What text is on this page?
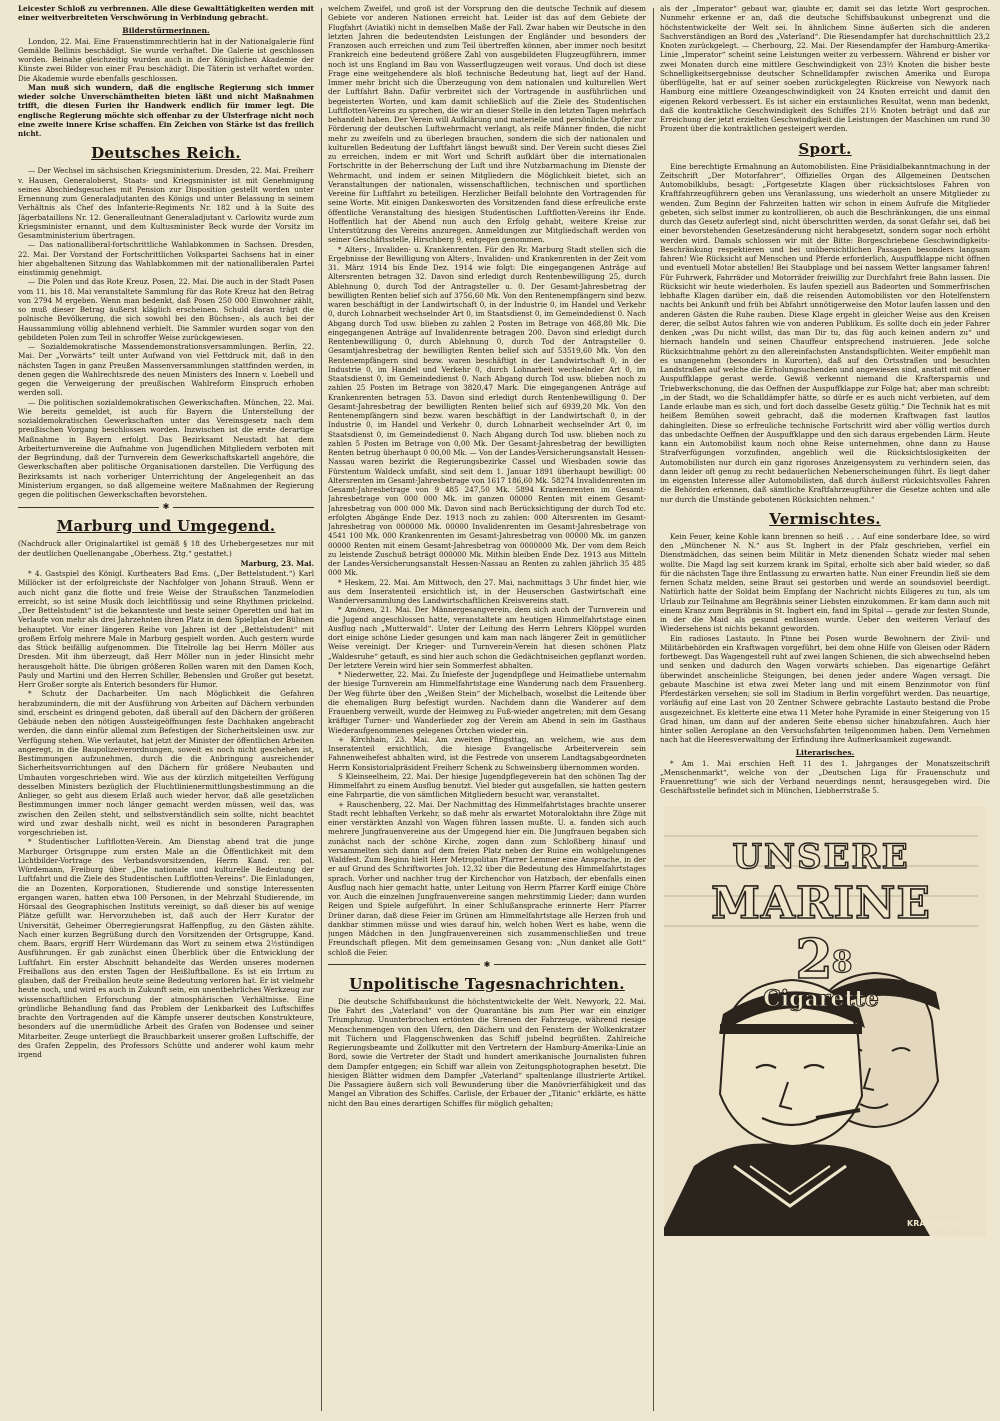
Leicester Schloß zu verbrennen. Alle diese Gewalttätigkeiten werden mit einer weitverbreiteten Verschwörung in Verbindung gebracht.

Bilderstürmerinnen.

London, 22. Mai. Eine Frauenstimmrechtlerin hat in der Nationalgalerie fünf Gemälde Bellinis beschädigt. Sie wurde verhaftet. Die Galerie ist geschlossen worden. Beinahe gleichzeitig wurden auch in der Königlichen Akademie der Künste zwei Bilder von einer Frau beschädigt. Die Täterin ist verhaftet worden. Die Akademie wurde ebenfalls geschlossen.

Man muß sich wundern, daß die englische Regierung sich immer wieder solche Unverschämtheiten bieten läßt und nicht Maßnahmen trifft, die diesen Furien ihr Handwerk endlich für immer legt. Die englische Regierung möchte sich offenbar zu der Ulsterfrage nicht noch eine zweite innere Krise schaffen. Ein Zeichen von Stärke ist das freilich nicht.

Deutsches Reich.

— Der Wechsel im sächsischen Kriegsministerium. Dresden, 22. Mai. Freiherr v. Hausen, Generaloberst, Staats- und Kriegsminister ist mit Genehmigung seines Abschiedsgesuches mit Pension zur Disposition gestellt worden unter Ernennung zum Generaladjutanten des Königs und unter Belassung in seinem Verhältnis als Chef des Infanterie-Regiments Nr. 182 und à la Suite des Jägerbataillons Nr. 12. Generalleutnant Generaladjutant v. Carlowitz wurde zum Kriegsminister ernannt, und dem Kultusminister Beck wurde der Vorsitz im Gesamtministerium übertragen.

— Das nationalliberal-fortschrittliche Wahlabkommen in Sachsen. Dresden, 22. Mai. Der Vorstand der Fortschrittlichen Volkspartei Sachsens hat in einer hier abgehaltenen Sitzung das Wahlabkommen mit der nationalliberalen Partei einstimmig genehmigt.

— Die Polen und das Rote Kreuz. Posen, 22. Mai. Die auch in der Stadt Posen vom 11. bis 18. Mai veranstaltete Sammlung für das Rote Kreuz hat den Betrag von 2794 M ergeben. Wenn man bedenkt, daß Posen 250 000 Einwohner zählt, so muß dieser Betrag äußerst kläglich erscheinen. Schuld daran trägt die polnische Bevölkerung, die sich sowohl bei den Büchsen-, als auch bei der Haussammlung völlig ablehnend verhielt. Die Sammler wurden sogar von den gebildeten Polen zum Teil in schroffer Weise zurückgewiesen.

— Sozialdemokratische Massendemonstrationsversammlungen. Berlin, 22. Mai. Der „Vorwärts“ teilt unter Aufwand von viel Fettdruck mit, daß in den nächsten Tagen in ganz Preußen Massenversammlungen stattfinden werden, in denen gegen die Wahlrechtsrede des neuen Ministers des Innern v. Loebell und gegen die Verweigerung der preußischen Wahlreform Einspruch erhoben werden soll.

— Die politischen sozialdemokratischen Gewerkschaften. München, 22. Mai. Wie bereits gemeldet, ist auch für Bayern die Unterstellung der sozialdemokratischen Gewerkschaften unter das Vereinsgesetz nach dem preußischen Vorgang beschlossen worden. Inzwischen ist die erste derartige Maßnahme in Bayern erfolgt. Das Bezirksamt Neustadt hat dem Arbeiterturnvereine die Aufnahme von Jugendlichen Mitgliedern verboten mit der Begründung, daß der Turnverein dem Gewerkschaftskartell angehöre, die Gewerkschaften aber politische Organisationen darstellen. Die Verfügung des Bezirksamts ist nach vorheriger Unterrichtung der Angelegenheit an das Ministerium ergangen, so daß allgemeine weitere Maßnahmen der Regierung gegen die politischen Gewerkschaften bevorstehen.

✱
Marburg und Umgegend.
(Nachdruck aller Originalartikel ist gemäß § 18 des Urhebergesetzes nur mit der deutlichen Quellenangabe „Oberhess. Ztg.“ gestattet.)
Marburg, 23. Mai.

* 4. Gastspiel des Königl. Kurtheaters Bad Ems. („Der Bettelstudent.“) Karl Millöcker ist der erfolgreichste der Nachfolger von Johann Strauß. Wenn er auch nicht ganz die flotte und freie Weise der Straußschen Tanzmelodien erreicht, so ist seine Musik doch leichtflüssig und seine Rhythmen prickelnd. „Der Bettelstudent“ ist die bekannteste und beste seiner Operetten und hat im Verlaufe von mehr als drei Jahrzehnten ihren Platz in dem Spielplan der Bühnen behauptet. Vor einer längeren Reihe von Jahren ist der „Bettelstudent“ mit großem Erfolg mehrere Male in Marburg gespielt worden. Auch gestern wurde das Stück beifällig aufgenommen. Die Titelrolle lag bei Herrn Möller aus Dresden. Mit ihm überzeugt, daß Herr Möller nun in jeder Hinsicht mehr herausgeholt hätte. Die übrigen größeren Rollen waren mit den Damen Koch, Pauly und Martini und den Herren Schiller, Bebenslen und Großer gut besetzt. Herr Großer sorgte als Enterich besonders für Humor.

* Schutz der Dacharbeiter. Um nach Möglichkeit die Gefahren herabzumindern, die mit der Ausführung von Arbeiten auf Dächern verbunden sind, erscheint es dringend geboten, daß überall auf den Dächern der größeren Gebäude neben den nötigen Aussteigeöffnungen feste Dachhaken angebracht werden, die dann einfür allemal zum Befestigen der Sicherheitsleinen usw. zur Verfügung stehen. Wie verlautet, hat jetzt der Minister der öffentlichen Arbeiten angeregt, in die Baupolizeiverordnungen, soweit es noch nicht geschehen ist, Bestimmungen aufzunehmen, durch die die Anbringung ausreichender Sicherheitsvorrichtungen auf den Dächern für größere Neubauten und Umbauten vorgeschrieben wird. Wie aus der kürzlich mitgeteilten Verfügung desselben Ministers bezüglich der Fluchtlinienermittlungsbestimmung an die Anlieger, so geht aus diesem Erlaß auch wieder hervor, daß alle gesetzlichen Bestimmungen immer noch länger gemacht werden müssen, weil das, was zwischen den Zeilen steht, und selbstverständlich sein sollte, nicht beachtet wird und zwar deshalb nicht, weil es nicht in besonderen Paragraphen vorgeschrieben ist.

* Studentischer Luftflotten-Verein. Am Dienstag abend trat die junge Marburger Ortsgruppe zum ersten Male an die Öffentlichkeit mit dem Lichtbilder-Vortrage des Verbandsvorsitzenden, Herrn Kand. rer. pol. Würdemann, Freiburg über „Die nationale und kulturelle Bedeutung der Luftfahrt und die Ziele des Studentischen Luftflotten-Vereins“. Die Einladungen, die an Dozenten, Korporationen, Studierende und sonstige Interessenten ergangen waren, hatten etwa 100 Personen, in der Mehrzahl Studierende, im Hörsaal des Geographischen Instituts vereinigt, so daß dieser bis auf wenige Plätze gefüllt war. Hervorzuheben ist, daß auch der Herr Kurator der Universität, Geheimer Oberregierungsrat Haffenpflug, zu den Gästen zählte. Nach einer kurzen Begrüßung durch den Vorsitzenden der Ortsgruppe, Kand. chem. Baars, ergriff Herr Würdemann das Wort zu seinem etwa 2½stündigen Ausführungen. Er gab zunächst einen Überblick über die Entwicklung der Luftfahrt. Ein erster Abschnitt behandelte das Werden unseres modernen Freiballons aus den ersten Tagen der Heißluftballone. Es ist ein Irrtum zu glauben, daß der Freiballon heute seine Bedeutung verloren hat. Er ist vielmehr heute noch, und wird es auch in Zukunft sein, ein unentbehrliches Werkzeug zur wissenschaftlichen Erforschung der atmosphärischen Verhältnisse. Eine gründliche Behandlung fand das Problem der Lenkbarkeit des Luftschiffes brachte den Vortragenden auf die Kämpfe unserer deutschen Konstrukteure, besonders auf die unermüdliche Arbeit des Grafen von Bodensee und seiner Mitarbeiter. Zeuge unterliegt die Brauchbarkeit unserer großen Luftschiffe, der des Grafen Zeppelin, des Professors Schütte und anderer wohl kaum mehr irgend

welchem Zweifel, und groß ist der Vorsprung den die deutsche Technik auf diesem Gebiete vor anderen Nationen erreicht hat. Leider ist das auf dem Gebiete der Flugfahrt (Aviatik) nicht in demselben Maße der Fall. Zwar haben wir Deutsche in den letzten Jahren die bedeutendsten Leistungen der Engländer und besonders der Franzosen auch erreichen und zum Teil übertreffen können, aber immer noch besitzt Frankreich eine bedeutend größere Zahl von ausgebildeten Flugzeugführern, immer noch ist uns England im Bau von Wasserflugzeugen weit voraus. Und doch ist diese Frage eine weitgehendere als bloß technische Bedeutung hat, liegt auf der Hand. Immer mehr bricht sich die Überzeugung von dem nationalen und kulturellen Wert der Luftfahrt Bahn. Dafür verbreitet sich der Vortragende in ausführlichen und begeisterten Worten, und kam damit schließlich auf die Ziele des Studentischen Luftflotten-Vereins zu sprechen, die wir an dieser Stelle in den letzten Tagen mehrfach behandelt haben. Der Verein will Aufklärung und materielle und persönliche Opfer zur Förderung der deutschen Luftwehrmacht verlangt, als reife Männer finden, die nicht mehr zu zweifeln und zu überlegen brauchen, sondern die sich der nationalen und kulturellen Bedeutung der Luftfahrt längst bewußt sind. Der Verein sucht dieses Ziel zu erreichen, indem er mit Wort und Schrift aufklärt über die internationalen Fortschritte in der Beherrschung der Luft und ihre Nutzbarmachung im Dienste der Wehrmacht, und indem er seinen Mitgliedern die Möglichkeit bietet, sich an Veranstaltungen der nationalen, wissenschaftlichen, technischen und sportlichen Vereine für Luftfahrt zu beteiligen. Herzlicher Beifall belohnte den Vortragenden für seine Worte. Mit einigen Dankesworten des Vorsitzenden fand diese erfreuliche erste öffentliche Veranstaltung des hiesigen Studentischen Luftflotten-Vereins ihr Ende. Hoffentlich hat der Abend nun auch den Erfolg gehabt, weitere Kreise zur Unterstützung des Vereins anzuregen. Anmeldungen zur Mitgliedschaft werden von seiner Geschäftsstelle, Hirschberg 9, entgegen genommen.

* Alters-, Invaliden- u. Krankenrenten. Für den Rr. Marburg Stadt stellen sich die Ergebnisse der Bewilligung von Alters-, Invaliden- und Krankenrenten in der Zeit vom 31. März 1914 bis Ende Dez. 1914 wie folgt: Die eingegangenen Anträge auf Altersrenten betragen 32. Davon sind erledigt durch Rentenbewilligung 25, durch Ablehnung 0, durch Tod der Antragsteller u. 0. Der Gesamt-Jahresbetrag der bewilligten Renten belief sich auf 3756,60 Mk. Von den Rentenempfängern sind bezw. waren beschäftigt in der Landwirtschaft 0, in der Industrie 0, im Handel und Verkehr 0, durch Lohnarbeit wechselnder Art 0, im Staatsdienst 0, im Gemeindedienst 0. Nach Abgang durch Tod usw. blieben zu zahlen 2 Posten im Betrage von 468,80 Mk. Die eingegangenen Anträge auf Invalidenrente betragen 200. Davon sind erledigt durch Rentenbewilligung 0, durch Ablehnung 0, durch Tod der Antragsteller 0. Gesamtjahresbetrag der bewilligten Renten belief sich auf 53519,60 Mk. Von den Rentenempfängern sind bezw. waren beschäftigt in der Landwirtschaft 0, in der Industrie 0, im Handel und Verkehr 0, durch Lohnarbeit wechselnder Art 0, im Staatsdienst 0, im Gemeindedienst 0. Nach Abgang durch Tod usw. blieben noch zu zahlen 25 Posten im Betrage von 3820,47 Mark. Die eingegangenen Anträge auf Krankenrenten betragen 53. Davon sind erledigt durch Rentenbewilligung 0. Der Gesamt-Jahresbetrag der bewilligten Renten belief sich auf 6939,20 Mk. Von den Rentenempfängern sind bezw. waren beschäftigt in der Landwirtschaft 0, in der Industrie 0, im Handel und Verkehr 0, durch Lohnarbeit wechselnder Art 0, im Staatsdienst 0, im Gemeindedienst 0. Nach Abgang durch Tod usw. blieben noch zu zahlen 5 Posten im Betrage von 0,00 Mk. Der Gesamt-Jahresbetrag der bewilligten Renten betrug überhaupt 0 00,00 Mk. — Von der Landes-Versicherungsanstalt Hessen-Nassau waren bezirkt die Regierungsbezirke Cassel und Wiesbaden sowie das Fürstentum Waldeck umfaßt, sind seit dem 1. Januar 1891 überhaupt bewilligt: 00 Altersrenten im Gesamt-Jahresbetrage von 1617 186,60 Mk. 58274 Invalidenrenten im Gesamt-Jahresbetrage von 9 485 247,50 Mk. 5894 Krankenrenten im Gesamt-Jahresbetrage von 000 000 Mk. im ganzen 00000 Renten mit einem Gesamt-Jahresbetrag von 000 000 Mk. Davon sind nach Berücksichtigung der durch Tod etc. erfolgten Abgänge Ende Dez. 1913 noch zu zahlen: 000 Altersrenten im Gesamt-Jahresbetrag von 000000 Mk. 00000 Invalidenrenten im Gesamt-Jahresbetrage von 4541 100 Mk. 000 Krankenrenten im Gesamt-Jahresbetrag von 00000 Mk. im ganzen 00000 Renten mit einem Gesamt-Jahresbetrag von 0000000 Mk. Der vom dem Reich zu leistende Zuschuß beträgt 000000 Mk. Mithin bleiben Ende Dez. 1913 aus Mitteln der Landes-Versicherungsanstalt Hessen-Nassau an Renten zu zahlen jährlich 35 485 000 Mk.

* Heskem, 22. Mai. Am Mittwoch, den 27. Mai, nachmittags 3 Uhr findet hier, wie aus dem Inseratenteil ersichtlich ist, in der Heuserschen Gastwirtschaft eine Wanderversammlung des Landwirtschaftlichen Kreisvereins statt.

* Amöneu, 21. Mai. Der Männergesangverein, dem sich auch der Turnverein und die Jugend angeschlossen hatte, veranstaltete am heutigen Himmelfahrtstage einen Ausflug nach „Mutterwald“. Unter der Leitung des Herrn Lehrers Klöppel wurden dort einige schöne Lieder gesungen und kam man nach längerer Zeit in gemütlicher Weise vereinigt. Der Krieger- und Turnverein-Verein hat diesen schönen Platz „Waldesruhe“ getauft, es sind hier auch schon die Gedächtniseichen gepflanzt worden. Der letztere Verein wird hier sein Sommerfest abhalten.

* Niederwetter, 22. Mai. Zu Iniefeste der Jugendpflege und Heimatliebe unternahm der hiesige Turnverein am Himmelfahrtstage eine Wanderung nach dem Frauenberg. Der Weg führte über den „Weißen Stein“ der Michelbach, woselbst die Leitende über die ehemaligen Burg befestigt wurden. Nachdem dann die Wanderer auf dem Frauenberg verweilt, wurde der Heimweg zu Fuß-wieder angetreten; mit dem Gesang kräftiger Turner- und Wanderlieder zog der Verein am Abend in sein im Gasthaus Wiederaufgenommenes gelegenes Örtchen wieder ein.

+ Kirchhain, 23. Mai. Am zweiten Pfingsttag, an welchem, wie aus dem Inseratenteil ersichtlich, die hiesige Evangelische Arbeiterverein sein Fahnenweihefest abhalten wird, ist die Festrede von unserem Landtagsabgeordneten Herrn Konsistorialpräsident Freiherr Schenk zu Schweinsberg übernommen worden.

S Kleinseelheim, 22. Mai. Der hiesige Jugendpflegeverein hat den schönen Tag der Himmelfahrt zu einem Ausflug benutzt. Viel bieder gut ausgefallen, sie hatten gestern eine Fahrpartie, die von sämtlichen Mitgliedern besucht war, veranstaltet.

+ Rauschenberg, 22. Mai. Der Nachmittag des Himmelfahrtstages brachte unserer Stadt recht lebhaften Verkehr, so daß mehr als erwartet Motoraloktahn ihre Züge mit einer verstärkten Anzahl von Wagen führen lassen mußte. U. a. fanden sich auch mehrere Jungfrauenvereine aus der Umgegend hier ein. Die Jungfrauen begaben sich zunächst nach der schöne Kirche, zogen dann zum Schloßberg hinauf und versammelten sich dann auf dem freien Platz neben der Ruine ein wohlgelungenes Waldfest. Zum Beginn hielt Herr Metropolitan Pfarrer Lemmer eine Ansprache, in der er auf Grund des Schriftwortes Joh. 12,32 über die Bedeutung des Himmelfahrtstages sprach. Vorher und nachher trug der Kirchenchor von Hatzbach, der ebenfalls einen Ausflug nach hier gemacht hatte, unter Leitung von Herrn Pfarrer Korff einige Chöre vor. Auch die einzelnen Jungfrauenvereine sangen mehrstimmig Lieder; dann wurden Reigen und Spiele aufgeführt. In einer Schlußansprache erinnerte Herr Pfarrer Drüner daran, daß diese Feier im Grünen am Himmelfahrtstage alle Herzen froh und dankbar stimmen müsse und wies darauf hin, welch hohen Wert es habe, wenn die jungen Mädchen in den Jungfrauenvereinen sich zusammenschließen und treue Freundschaft pflegen. Mit dem gemeinsamen Gesang von: „Nun danket alle Gott“ schloß die Feier.

✱
Unpolitische Tagesnachrichten.

Die deutsche Schiffsbaukunst die höchstentwickelte der Welt. Newyork, 22. Mai. Die Fahrt des „Vaterland“ von der Quarantäne bis zum Pier war ein einziger Triumphzug. Ununterbrochen ertönten die Sirenen der Fahrzeuge, während riesige Menschenmengen von den Ufern, den Dächern und den Fenstern der Wolkenkratzer mit Tüchern und Flaggenschwenken das Schiff jubelnd begrüßten. Zahlreiche Regierungsbeamte und Zollkutter mit den Vertretern der Hamburg-Amerika-Linie an Bord, sowie die Vertreter der Stadt und hundert amerikanische Journalisten fuhren dem Dampfer entgegen; ein Schiff war allein von Zeitungsphotographen besetzt. Die hiesigen Blätter widmen dem Dampfer „Vaterland“ spaltenlange illustrierte Artikel. Die Passagiere äußern sich voll Bewunderung über die Manövrierfähigkeit und das Mangel an Vibration des Schiffes. Carlisle, der Erbauer der „Titanic“ erklärte, es hätte nicht den Bau eines derartigen Schiffes für möglich gehalten;

als der „Imperator“ gebaut war, glaubte er, damit sei das letzte Wort gesprochen. Nunmehr erkenne er an, daß die deutsche Schiffsbaukunst unbegrenzt und die höchstentwickelte der Welt sei. In ähnlichem Sinne äußerten sich die anderen Sachverständigen an Bord des „Vaterland“. Die Riesendampfer hat durchschnittlich 23,2 Knoten zurückgelegt. — Cherbourg, 22. Mai. Der Riesendampfer der Hamburg-Amerika-Linie „Imperator“ scheint seine Leistungen weiter zu verbessern. Während er bisher vor zwei Monaten durch eine mittlere Geschwindigkeit von 23½ Knoten die bisher beste Schnelligkeitsergebnisse deutscher Schnelldampfer zwischen Amerika und Europa überflügelte, hat er auf seiner soeben zurückgelegten Rückreise von Newyork nach Hamburg eine mittlere Ozeangeschwindigkeit von 24 Knoten erreicht und damit den eigenen Rekord verbessert. Es ist sicher ein erstaunliches Resultat, wenn man bedenkt, daß die kontraktliche Geschwindigkeit des Schiffes 21½ Knoten beträgt und daß zur Erreichung der jetzt erzielten Geschwindigkeit die Leistungen der Maschinen um rund 30 Prozent über die kontraktlichen gesteigert werden.

Sport.

Eine berechtigte Ermahnung an Automobilisten. Eine Präsidialbekanntmachung in der Zeitschrift „Der Motorfahrer“, Offizielles Organ des Allgemeinen Deutschen Automobilklubs, besagt: „Fortgesetzte Klagen über rücksichtsloses Fahren von Kraftfahrzeugführern geben uns Veranlassung, uns wiederholt an unsere Mitglieder zu wenden. Zum Beginn der Fahrzeiten hatten wir schon in einem Aufrufe die Mitglieder gebeten, sich selbst immer zu kontrollieren, ob auch die Beschränkungen, die uns einmal durch das Gesetz auferlegt sind, nicht überschritten werden, da sonst Gefahr sei, daß bei einer bevorstehenden Gesetzesänderung nicht herabgesetzt, sondern sogar noch erhöht werden wird. Damals schlossen wir mit der Bitte: Borgeschriebene Geschwindigkeits-Beschränkung respektieren und bei unübersichtlichen Passagen besonders langsam fahren! Wie Rücksicht auf Menschen und Pferde erforderlich, Auspuffklappe nicht öffnen und eventuell Motor abstellen! Bei Staubplage und bei nassem Wetter langsamer fahren! Für Fuhrwerk, Fahrräder und Motorräder freiwillig zur Durchfahrt freie Bahn lassen. Die Rücksicht wir heute wiederholen. Es laufen speziell aus Badeorten und Sommerfrischen lebhafte Klagen darüber ein, daß die reisenden Automobilisten vor den Hotelfenstern nachts bei Ankunft und früh bei Abfahrt unnötigerweise den Motor laufen lassen und den anderen Gästen die Ruhe rauben. Diese Klage ergeht in gleicher Weise aus den Kreisen derer, die selbst Autos fahren wie von anderen Publikum. Es sollte doch ein jeder Fahrer denken „was Du nicht willst, das man Dir tu, das füg auch keinen andern zu“ und hiernach handeln und seinen Chauffeur entsprechend instruieren. Jede solche Rücksichtnahme gehört zu den allereinfachsten Anstandspflichten. Weiter empfiehlt man es unangenehm (besonders in Kurorten), daß auf den Ortsstraßen und besuchten Landstraßen auf welche die Erholungsuchenden und angewiesen sind, anstatt mit offener Auspuffklappe gerast werde. Gewiß verkennt niemand die Kraftersparnis und Triebwerkschonung, die das Oeffnen der Auspuffklappe zur Folge hat; aber man schreibt: „in der Stadt, wo die Schalldämpfer hätte, so dürfe er es auch nicht verbieten, auf dem Lande erlaube man es sich, und fort doch dasselbe Gesetz gültig.“ Die Technik hat es mit heißem Bemühen soweit gebracht, daß die modernen Kraftwagen fast lautlos dahingleiten. Diese so erfreuliche technische Fortschritt wird aber völlig wertlos durch das unbedachte Oeffnen der Auspuffklappe und den sich daraus ergebenden Lärm. Heute kann ein Automobilist kaum noch ohne Reise unternehmen, ohne dann zu Hause Strafverfügungen vorzufinden, angeblich weil die Rücksichtslosigkeiten der Automobilisten nur durch ein ganz rigoroses Anzeigensystem zu verhindern seien, das dann leider oft genug zu recht bedauerlichen Nebenerscheinungen führt. Es liegt daher im eigensten Interesse aller Automobilisten, daß durch äußerst rücksichtsvolles Fahren die Behörden erkennen, daß sämtliche Kraftfahrzeugführer die Gesetze achten und alle nur durch die Umstände gebotenen Rücksichten nehmen.“

Vermischtes.

Kein Feuer, keine Kohle kann brennen so heiß . . . Auf eine sonderbare Idee, so wird den „Münchener N. N.“ aus St. Ingbert in der Pfalz geschrieben, verfiel ein Dienstmädchen, das seinen beim Militär in Metz dienenden Schatz wieder mal sehen wollte. Die Magd lag seit kurzem krank im Spital, erholte sich aber bald wieder, so daß für die nächsten Tage ihre Entlassung zu erwarten hatte. Nun einer Freundin ließ sie dem fernen Schatz melden, seine Braut sei gestorben und werde an soundsoviel beerdigt. Natürlich hatte der Soldat beim Empfang der Nachricht nichts Eiligeres zu tun, als um Urlaub zur Teilnahme am Begräbnis seiner Liebsten einzukommen. Er kam dann auch mit einem Kranz zum Begräbnis in St. Ingbert ein, fand im Spital — gerade zur festen Stunde, in der die Maid als gesund entlassen wurde. Ueber den weiteren Verlauf des Wiedersehens ist nichts bekannt geworden.

Ein radioses Lastauto. In Pinne bei Posen wurde Bewohnern der Zivil- und Militärbehörden ein Kraftwagen vorgeführt, bei dem ohne Hilfe von Gleisen oder Rädern fortbewegt. Das Wagengestell ruht auf zwei langen Schienen, die sich abwechselnd heben und senken und dadurch den Wagen vorwärts schieben. Das eigenartige Gefährt überwindet anscheinliche Steigungen, bei denen jeder andere Wagen versagt. Die gebaute Maschine ist etwa zwei Meter lang und mit einem Benzinmotor von fünf Pferdestärken versehen; sie soll im Stadium in Berlin vorgeführt werden. Das neuartige, vorläufig auf eine Last von 20 Zentner Schwere gebrachte Lastauto bestand die Probe ausgezeichnet. Es kletterte eine etwa 11 Meter hohe Pyramide in einer Steigerung von 15 Grad hinan, um dann auf der anderen Seite ebenso sicher hinabzufahren. Auch hier hinter sollen Aeroplane an den Versuchsfahrten teilgenommen haben. Dem Vernehmen nach hat die Heeresverwaltung der Erfindung ihre Aufmerksamkeit zugewandt.

Literarisches.

* Am 1. Mai erschien Heft 11 des 1. Jahrganges der Monatszeitschrift „Menschenmarkt“, welche von der „Deutschen Liga für Frauenschutz und Frauenrettung“ wie sich der Verband neuerdings nennt, herausgegeben wird. Die Geschäftsstelle befindet sich in München, Liebherrstraße 5.

UNSERE
MARINE
2
8
Cigarette
KRATOWSKI
